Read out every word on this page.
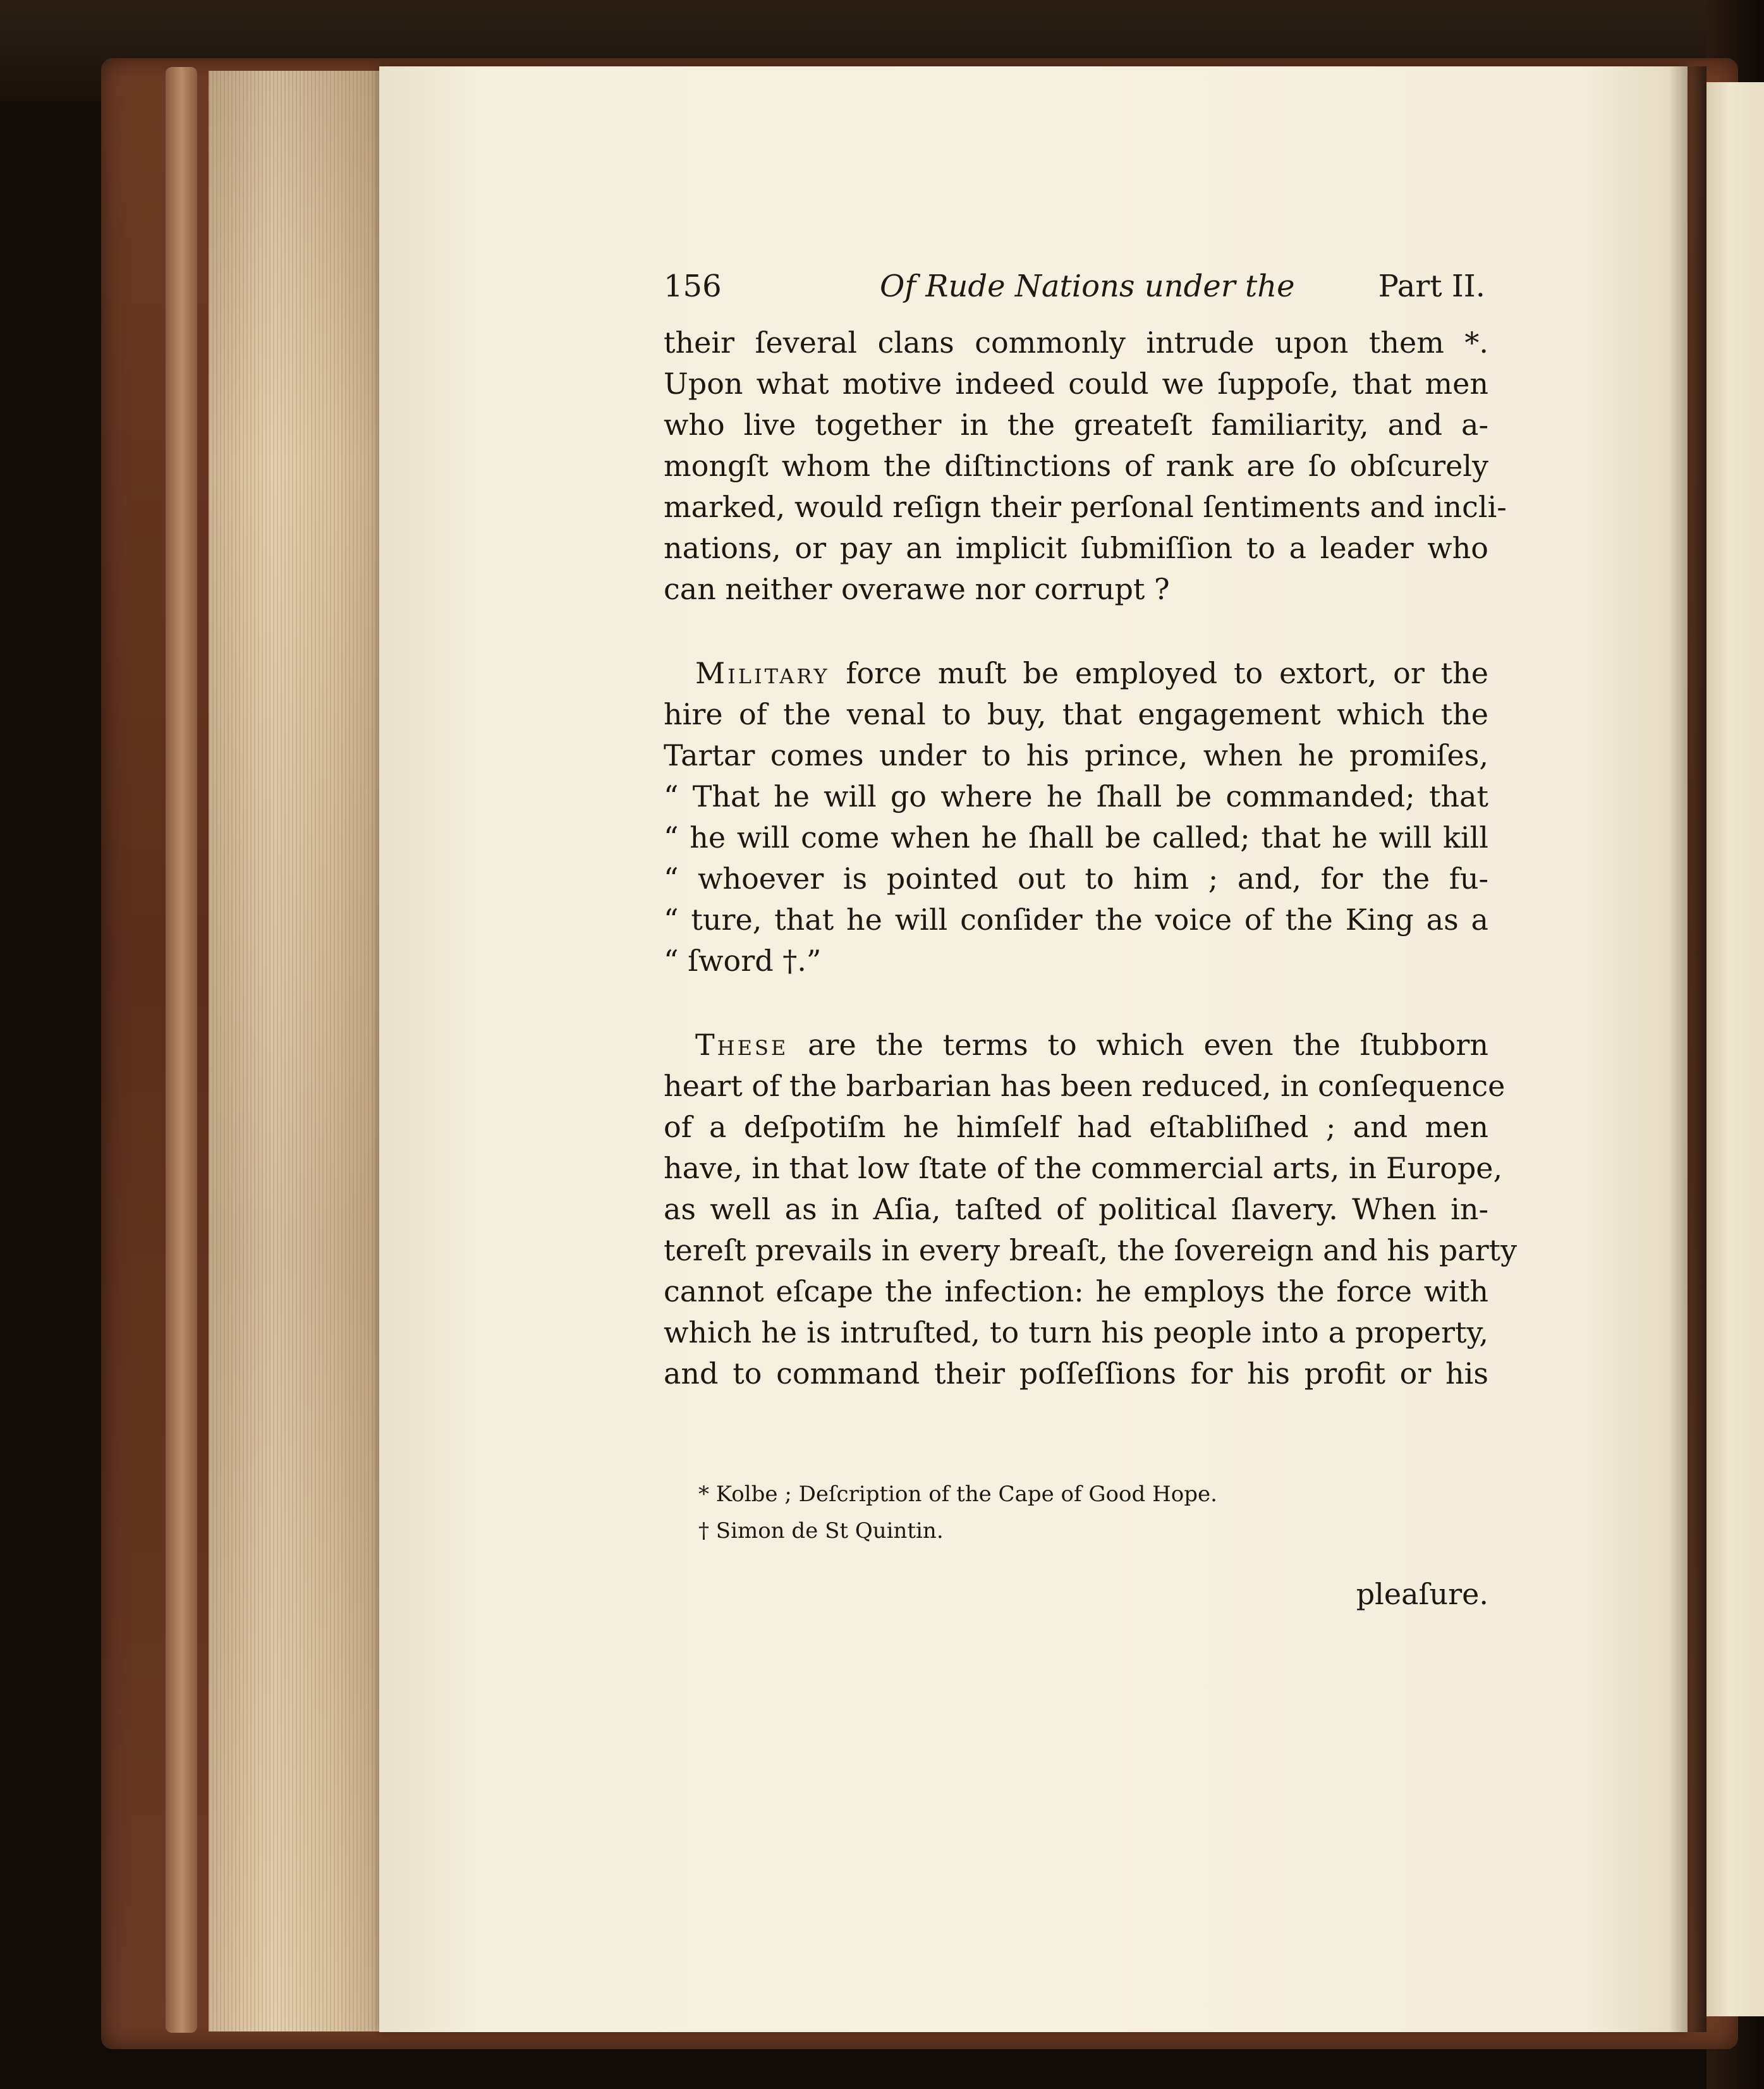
156	Of Rude Nations under the	Part II.
their ſeveral clans commonly intrude upon them *.
Upon what motive indeed could we ſuppoſe, that men
who live together in the greateſt familiarity, and a-
mongſt whom the diſtinctions of rank are ſo obſcurely
marked, would reſign their perſonal ſentiments and incli-
nations, or pay an implicit ſubmiſſion to a leader who
can neither overawe nor corrupt ?
Military force muſt be employed to extort, or the
hire of the venal to buy, that engagement which the
Tartar comes under to his prince, when he promiſes,
“ That he will go where he ſhall be commanded; that
“ he will come when he ſhall be called; that he will kill
“ whoever is pointed out to him ; and, for the fu-
“ ture, that he will conſider the voice of the King as a
“ ſword †.”
These are the terms to which even the ſtubborn
heart of the barbarian has been reduced, in conſequence
of a deſpotiſm he himſelf had eſtabliſhed ; and men
have, in that low ſtate of the commercial arts, in Europe,
as well as in Aſia, taſted of political ſlavery. When in-
tereſt prevails in every breaſt, the ſovereign and his party
cannot eſcape the infection: he employs the force with
which he is intruſted, to turn his people into a property,
and to command their poſſeſſions for his profit or his
* Kolbe ; Deſcription of the Cape of Good Hope.
† Simon de St Quintin.
pleaſure.
